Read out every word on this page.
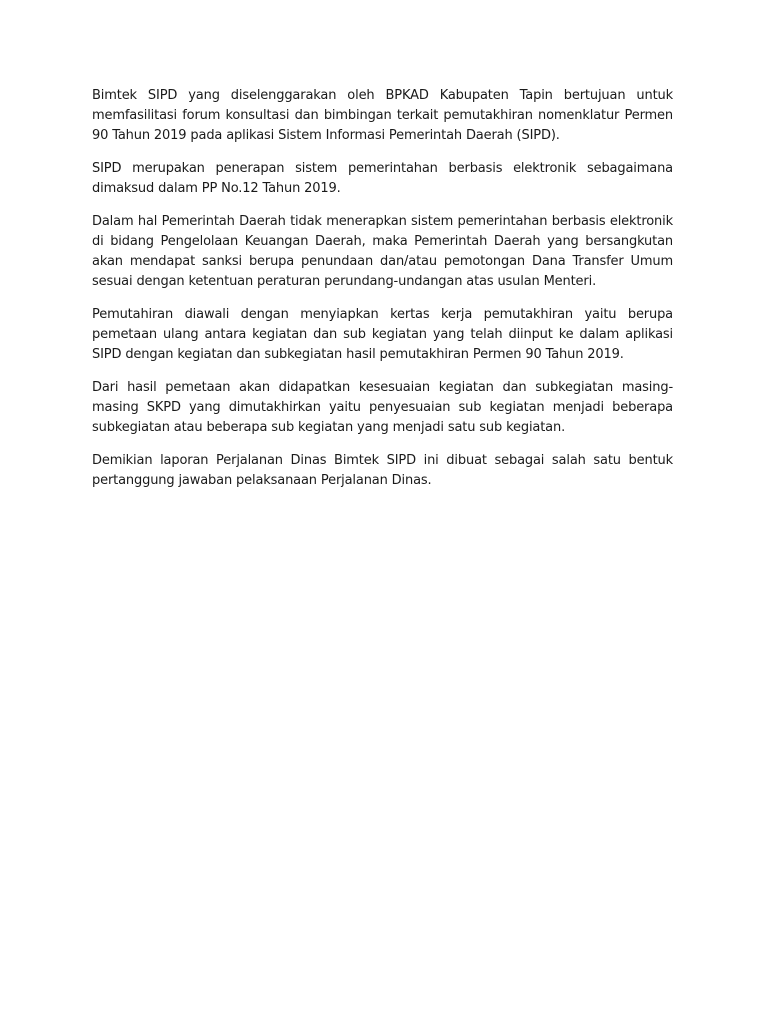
Bimtek SIPD yang diselenggarakan oleh BPKAD Kabupaten Tapin bertujuan untuk memfasilitasi forum konsultasi dan bimbingan terkait pemutakhiran nomenklatur Permen 90 Tahun 2019 pada aplikasi Sistem Informasi Pemerintah Daerah (SIPD).

SIPD merupakan penerapan sistem pemerintahan berbasis elektronik sebagaimana dimaksud dalam PP No.12 Tahun 2019.

Dalam hal Pemerintah Daerah tidak menerapkan sistem pemerintahan berbasis elektronik di bidang Pengelolaan Keuangan Daerah, maka Pemerintah Daerah yang bersangkutan akan mendapat sanksi berupa penundaan dan/atau pemotongan Dana Transfer Umum sesuai dengan ketentuan peraturan perundang-undangan atas usulan Menteri.

Pemutahiran diawali dengan menyiapkan kertas kerja pemutakhiran yaitu berupa pemetaan ulang antara kegiatan dan sub kegiatan yang telah diinput ke dalam aplikasi SIPD dengan kegiatan dan subkegiatan hasil pemutakhiran Permen 90 Tahun 2019.

Dari hasil pemetaan akan didapatkan kesesuaian kegiatan dan subkegiatan masing-masing SKPD yang dimutakhirkan yaitu penyesuaian sub kegiatan menjadi beberapa subkegiatan atau beberapa sub kegiatan yang menjadi satu sub kegiatan.

Demikian laporan Perjalanan Dinas Bimtek SIPD ini dibuat sebagai salah satu bentuk pertanggung jawaban pelaksanaan Perjalanan Dinas.
